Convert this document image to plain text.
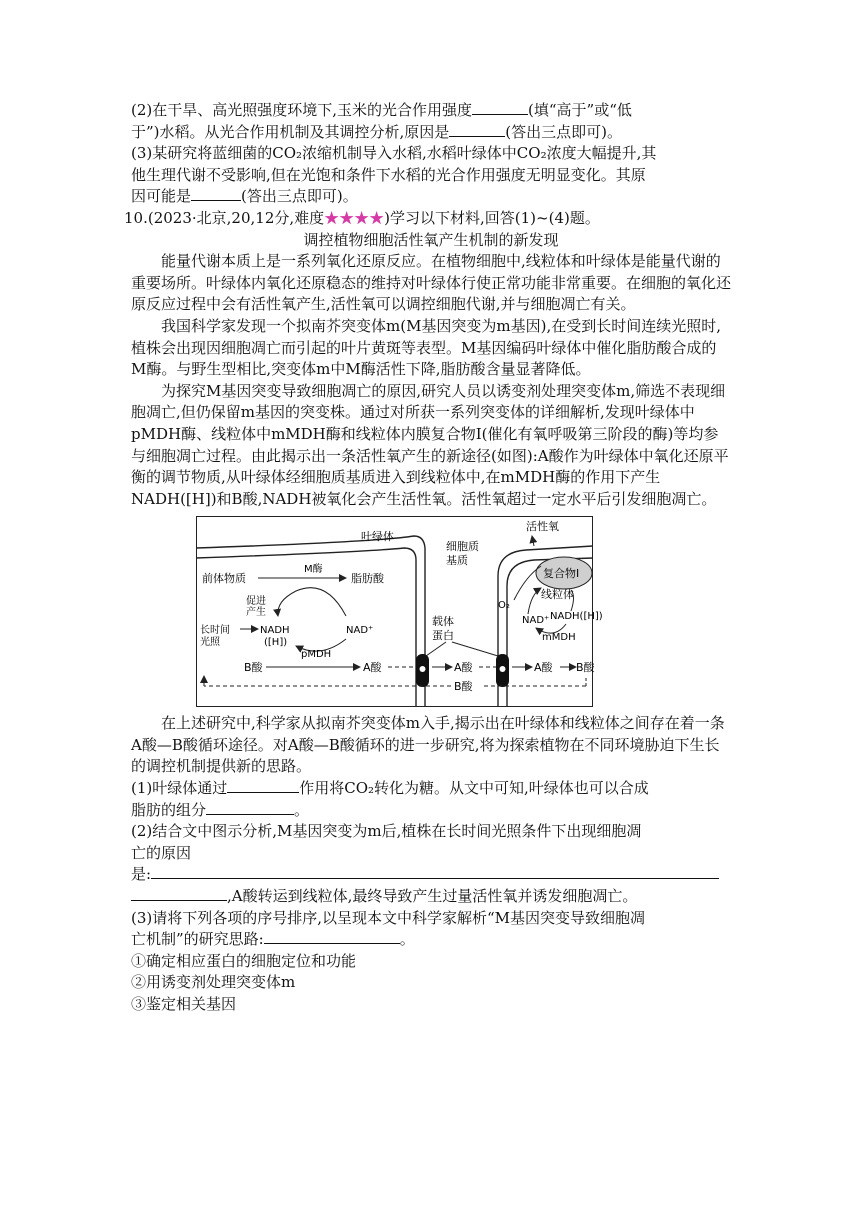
(2)在干旱、高光照强度环境下,玉米的光合作用强度	(填“高于”或“低

于”)水稻。从光合作用机制及其调控分析,原因是	(答出三点即可)。

(3)某研究将蓝细菌的CO₂浓缩机制导入水稻,水稻叶绿体中CO₂浓度大幅提升,其

他生理代谢不受影响,但在光饱和条件下水稻的光合作用强度无明显变化。其原

因可能是	(答出三点即可)。

10.(2023·北京,20,12分,难度★★★★)学习以下材料,回答(1)~(4)题。

调控植物细胞活性氧产生机制的新发现

能量代谢本质上是一系列氧化还原反应。在植物细胞中,线粒体和叶绿体是能量代谢的重要场所。叶绿体内氧化还原稳态的维持对叶绿体行使正常功能非常重要。在细胞的氧化还原反应过程中会有活性氧产生,活性氧可以调控细胞代谢,并与细胞凋亡有关。

我国科学家发现一个拟南芥突变体m(M基因突变为m基因),在受到长时间连续光照时,植株会出现因细胞凋亡而引起的叶片黄斑等表型。M基因编码叶绿体中催化脂肪酸合成的M酶。与野生型相比,突变体m中M酶活性下降,脂肪酸含量显著降低。

为探究M基因突变导致细胞凋亡的原因,研究人员以诱变剂处理突变体m,筛选不表现细胞凋亡,但仍保留m基因的突变株。通过对所获一系列突变体的详细解析,发现叶绿体中pMDH酶、线粒体中mMDH酶和线粒体内膜复合物Ⅰ(催化有氧呼吸第三阶段的酶)等均参与细胞凋亡过程。由此揭示出一条活性氧产生的新途径(如图):A酸作为叶绿体中氧化还原平衡的调节物质,从叶绿体经细胞质基质进入到线粒体中,在mMDH酶的作用下产生NADH([H])和B酸,NADH被氧化会产生活性氧。活性氧超过一定水平后引发细胞凋亡。

叶绿体
细胞质
基质
活性氧
复合物Ⅰ
线粒体
前体物质
M酶
脂肪酸
促进
产生
长时间
光照
NADH
([H])
NAD⁺
pMDH
B酸	A酸
载体
蛋白
A酸	A酸 B酸
B酸
NAD⁺ NADH([H])
mMDH
O₂

在上述研究中,科学家从拟南芥突变体m入手,揭示出在叶绿体和线粒体之间存在着一条A酸—B酸循环途径。对A酸—B酸循环的进一步研究,将为探索植物在不同环境胁迫下生长的调控机制提供新的思路。

(1)叶绿体通过	作用将CO₂转化为糖。从文中可知,叶绿体也可以合成

脂肪的组分	。

(2)结合文中图示分析,M基因突变为m后,植株在长时间光照条件下出现细胞凋

亡的原因

是:

,A酸转运到线粒体,最终导致产生过量活性氧并诱发细胞凋亡。

(3)请将下列各项的序号排序,以呈现本文中科学家解析“M基因突变导致细胞凋

亡机制”的研究思路:	。

①确定相应蛋白的细胞定位和功能

②用诱变剂处理突变体m

③鉴定相关基因
